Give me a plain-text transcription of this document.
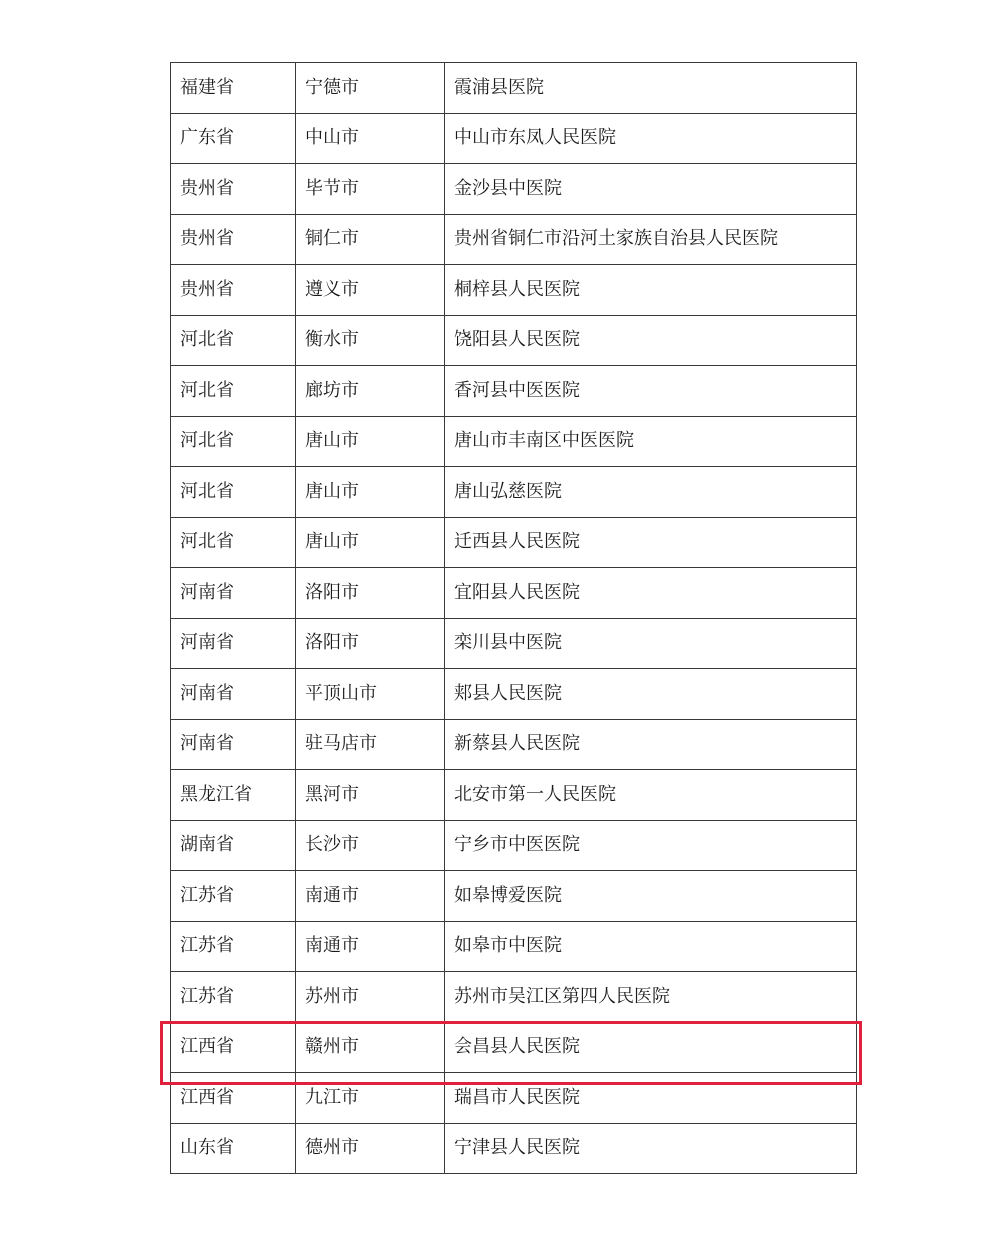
福建省	宁德市	霞浦县医院
广东省	中山市	中山市东凤人民医院
贵州省	毕节市	金沙县中医院
贵州省	铜仁市	贵州省铜仁市沿河土家族自治县人民医院
贵州省	遵义市	桐梓县人民医院
河北省	衡水市	饶阳县人民医院
河北省	廊坊市	香河县中医医院
河北省	唐山市	唐山市丰南区中医医院
河北省	唐山市	唐山弘慈医院
河北省	唐山市	迁西县人民医院
河南省	洛阳市	宜阳县人民医院
河南省	洛阳市	栾川县中医院
河南省	平顶山市	郏县人民医院
河南省	驻马店市	新蔡县人民医院
黑龙江省	黑河市	北安市第一人民医院
湖南省	长沙市	宁乡市中医医院
江苏省	南通市	如皋博爱医院
江苏省	南通市	如皋市中医院
江苏省	苏州市	苏州市吴江区第四人民医院
江西省	赣州市	会昌县人民医院
江西省	九江市	瑞昌市人民医院
山东省	德州市	宁津县人民医院
